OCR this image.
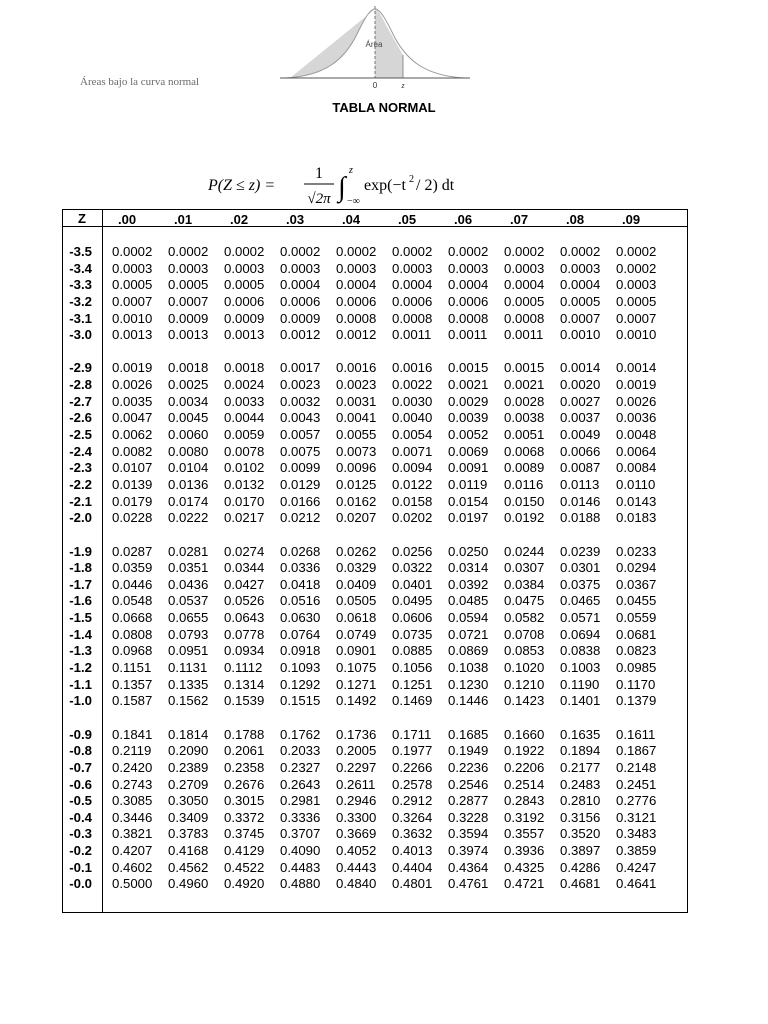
Área
0	z
Áreas bajo la curva normal
TABLA NORMAL
P(Z ≤ z) =
1
√2π ∫
z
−∞
exp(−t 2 / 2) dt
Z	.00	.01	.02	.03	.04	.05	.06	.07	.08	.09
-3.5 0.0002 0.0002 0.0002 0.0002 0.0002 0.0002 0.0002 0.0002 0.0002 0.0002
-3.4 0.0003 0.0003 0.0003 0.0003 0.0003 0.0003 0.0003 0.0003 0.0003 0.0002
-3.3 0.0005 0.0005 0.0005 0.0004 0.0004 0.0004 0.0004 0.0004 0.0004 0.0003
-3.2 0.0007 0.0007 0.0006 0.0006 0.0006 0.0006 0.0006 0.0005 0.0005 0.0005
-3.1 0.0010 0.0009 0.0009 0.0009 0.0008 0.0008 0.0008 0.0008 0.0007 0.0007
-3.0 0.0013 0.0013 0.0013 0.0012 0.0012 0.0011 0.0011 0.0011 0.0010 0.0010
-2.9 0.0019 0.0018 0.0018 0.0017 0.0016 0.0016 0.0015 0.0015 0.0014 0.0014
-2.8 0.0026 0.0025 0.0024 0.0023 0.0023 0.0022 0.0021 0.0021 0.0020 0.0019
-2.7 0.0035 0.0034 0.0033 0.0032 0.0031 0.0030 0.0029 0.0028 0.0027 0.0026
-2.6 0.0047 0.0045 0.0044 0.0043 0.0041 0.0040 0.0039 0.0038 0.0037 0.0036
-2.5 0.0062 0.0060 0.0059 0.0057 0.0055 0.0054 0.0052 0.0051 0.0049 0.0048
-2.4 0.0082 0.0080 0.0078 0.0075 0.0073 0.0071 0.0069 0.0068 0.0066 0.0064
-2.3 0.0107 0.0104 0.0102 0.0099 0.0096 0.0094 0.0091 0.0089 0.0087 0.0084
-2.2 0.0139 0.0136 0.0132 0.0129 0.0125 0.0122 0.0119 0.0116 0.0113 0.0110
-2.1 0.0179 0.0174 0.0170 0.0166 0.0162 0.0158 0.0154 0.0150 0.0146 0.0143
-2.0 0.0228 0.0222 0.0217 0.0212 0.0207 0.0202 0.0197 0.0192 0.0188 0.0183
-1.9 0.0287 0.0281 0.0274 0.0268 0.0262 0.0256 0.0250 0.0244 0.0239 0.0233
-1.8 0.0359 0.0351 0.0344 0.0336 0.0329 0.0322 0.0314 0.0307 0.0301 0.0294
-1.7 0.0446 0.0436 0.0427 0.0418 0.0409 0.0401 0.0392 0.0384 0.0375 0.0367
-1.6 0.0548 0.0537 0.0526 0.0516 0.0505 0.0495 0.0485 0.0475 0.0465 0.0455
-1.5 0.0668 0.0655 0.0643 0.0630 0.0618 0.0606 0.0594 0.0582 0.0571 0.0559
-1.4 0.0808 0.0793 0.0778 0.0764 0.0749 0.0735 0.0721 0.0708 0.0694 0.0681
-1.3 0.0968 0.0951 0.0934 0.0918 0.0901 0.0885 0.0869 0.0853 0.0838 0.0823
-1.2 0.1151 0.1131 0.1112 0.1093 0.1075 0.1056 0.1038 0.1020 0.1003 0.0985
-1.1 0.1357 0.1335 0.1314 0.1292 0.1271 0.1251 0.1230 0.1210 0.1190 0.1170
-1.0 0.1587 0.1562 0.1539 0.1515 0.1492 0.1469 0.1446 0.1423 0.1401 0.1379
-0.9 0.1841 0.1814 0.1788 0.1762 0.1736 0.1711 0.1685 0.1660 0.1635 0.1611
-0.8 0.2119 0.2090 0.2061 0.2033 0.2005 0.1977 0.1949 0.1922 0.1894 0.1867
-0.7 0.2420 0.2389 0.2358 0.2327 0.2297 0.2266 0.2236 0.2206 0.2177 0.2148
-0.6 0.2743 0.2709 0.2676 0.2643 0.2611 0.2578 0.2546 0.2514 0.2483 0.2451
-0.5 0.3085 0.3050 0.3015 0.2981 0.2946 0.2912 0.2877 0.2843 0.2810 0.2776
-0.4 0.3446 0.3409 0.3372 0.3336 0.3300 0.3264 0.3228 0.3192 0.3156 0.3121
-0.3 0.3821 0.3783 0.3745 0.3707 0.3669 0.3632 0.3594 0.3557 0.3520 0.3483
-0.2 0.4207 0.4168 0.4129 0.4090 0.4052 0.4013 0.3974 0.3936 0.3897 0.3859
-0.1 0.4602 0.4562 0.4522 0.4483 0.4443 0.4404 0.4364 0.4325 0.4286 0.4247
-0.0 0.5000 0.4960 0.4920 0.4880 0.4840 0.4801 0.4761 0.4721 0.4681 0.4641
